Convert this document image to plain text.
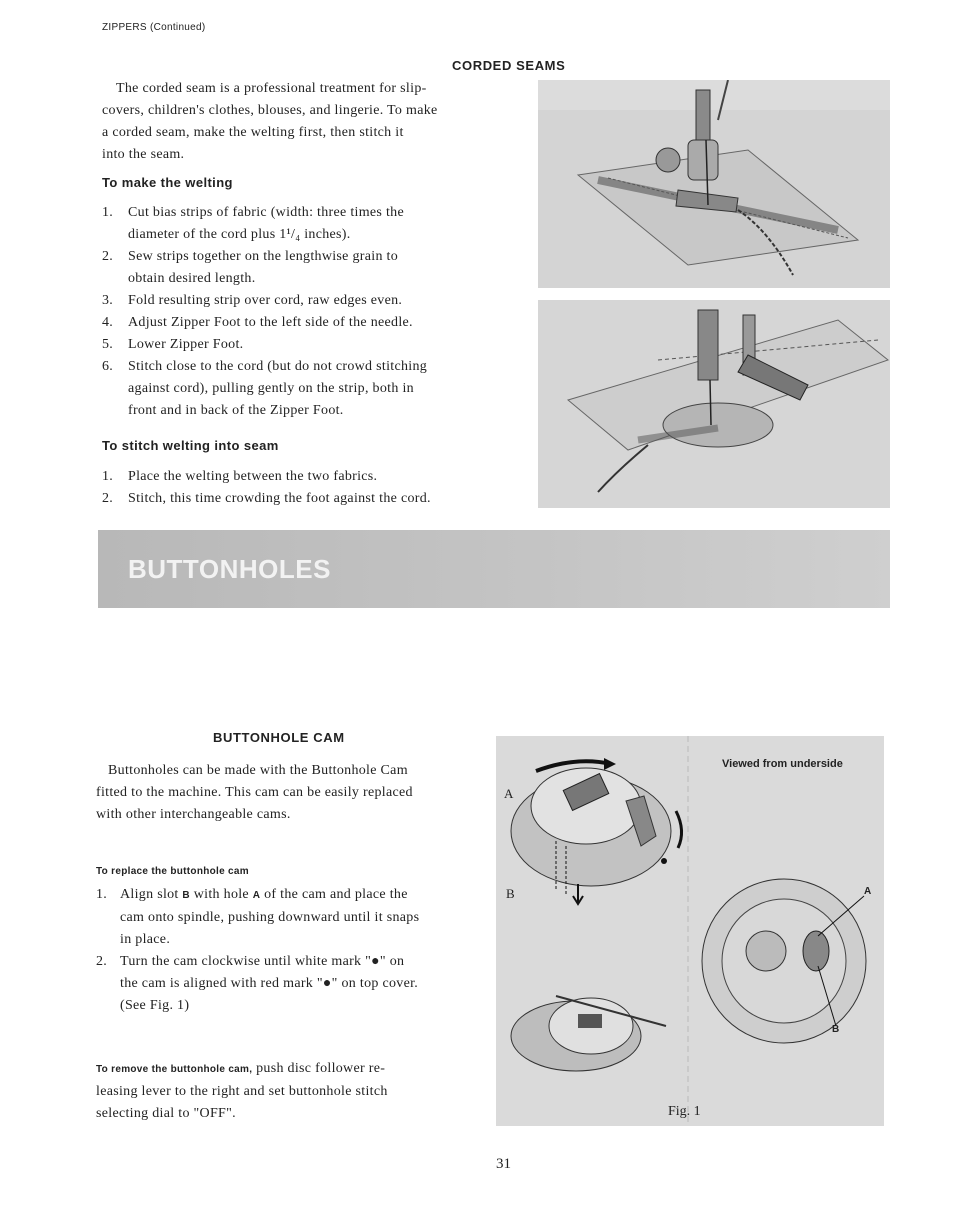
ZIPPERS (Continued)
CORDED SEAMS
The corded seam is a professional treatment for slip-
covers, children's clothes, blouses, and lingerie. To make
a corded seam, make the welting first, then stitch it
into the seam.
To make the welting
1. Cut bias strips of fabric (width: three times the
diameter of the cord plus 1¹/₄ inches).
2. Sew strips together on the lengthwise grain to
obtain desired length.
3. Fold resulting strip over cord, raw edges even.
4. Adjust Zipper Foot to the left side of the needle.
5. Lower Zipper Foot.
6. Stitch close to the cord (but do not crowd stitching
against cord), pulling gently on the strip, both in
front and in back of the Zipper Foot.
To stitch welting into seam
1. Place the welting between the two fabrics.
2. Stitch, this time crowding the foot against the cord.
BUTTONHOLES
BUTTONHOLE CAM
Buttonholes can be made with the Buttonhole Cam
fitted to the machine. This cam can be easily replaced
with other interchangeable cams.
To replace the buttonhole cam
1. Align slot B with hole A of the cam and place the
cam onto spindle, pushing downward until it snaps
in place.
2. Turn the cam clockwise until white mark "●" on
the cam is aligned with red mark "●" on top cover.
(See Fig. 1)
To remove the buttonhole cam, push disc follower re-
leasing lever to the right and set buttonhole stitch
selecting dial to "OFF".
Viewed from underside
A
B	A
B
Fig. 1
31
